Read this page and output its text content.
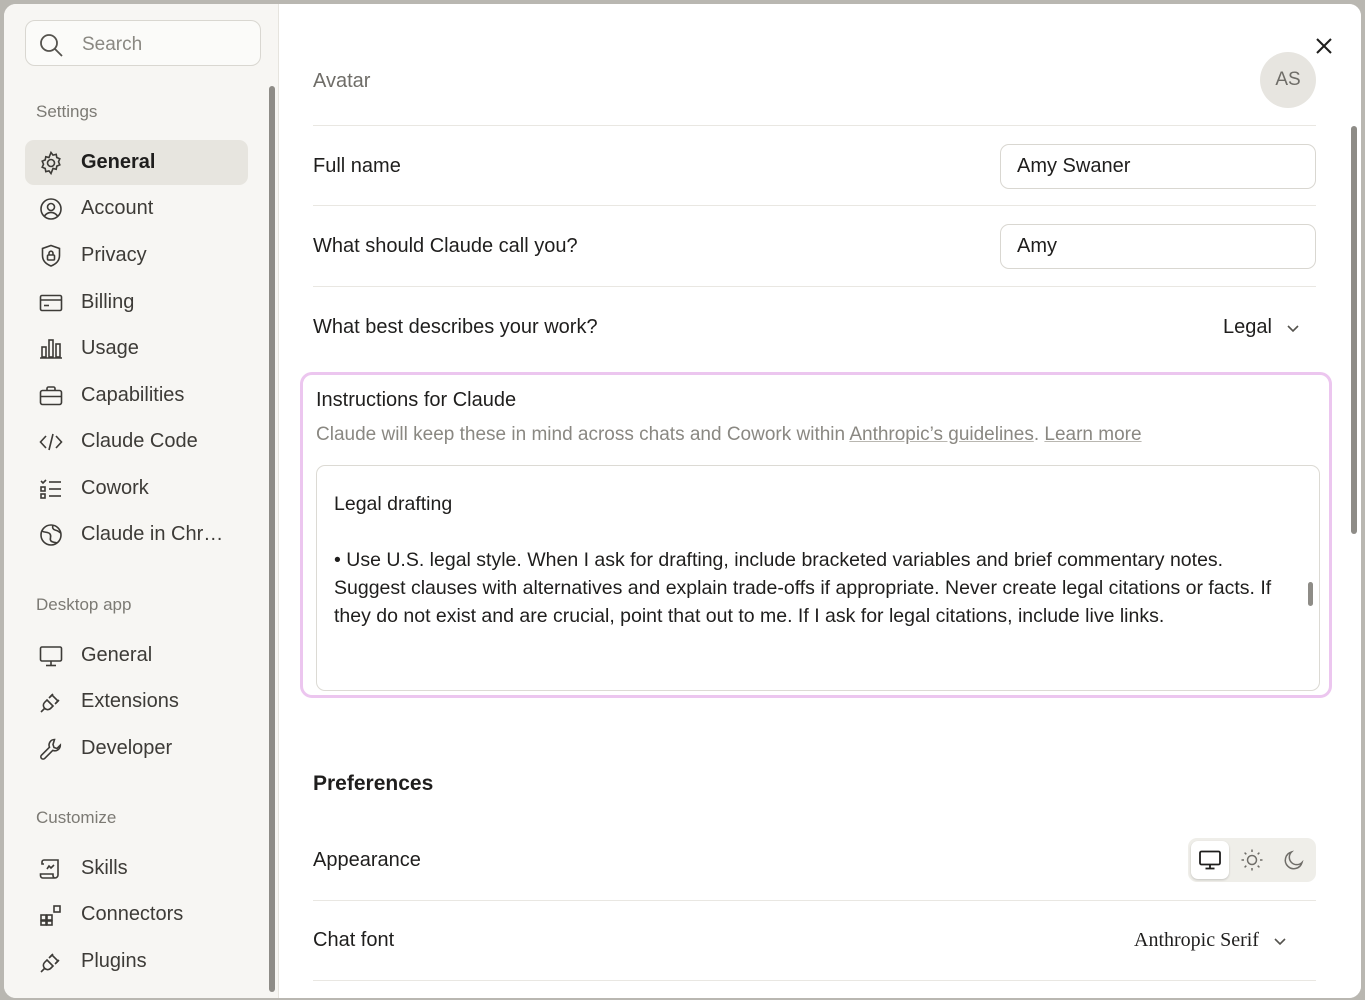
Search
Settings
General
Account
Privacy
Billing
Usage
Capabilities
Claude Code
Cowork
Claude in Chr…
Desktop app
General
Extensions
Developer
Customize
Skills
Connectors
Plugins
Avatar	AS
Full name	Amy Swaner
What should Claude call you?	Amy
What best describes your work?	Legal
Instructions for Claude
Claude will keep these in mind across chats and Cowork within Anthropic’s guidelines. Learn more

Legal drafting

• Use U.S. legal style. When I ask for drafting, include bracketed variables and brief commentary notes. Suggest clauses with alternatives and explain trade-offs if appropriate. Never create legal citations or facts. If they do not exist and are crucial, point that out to me. If I ask for legal citations, include live links.

Preferences
Appearance
Chat font	Anthropic Serif
